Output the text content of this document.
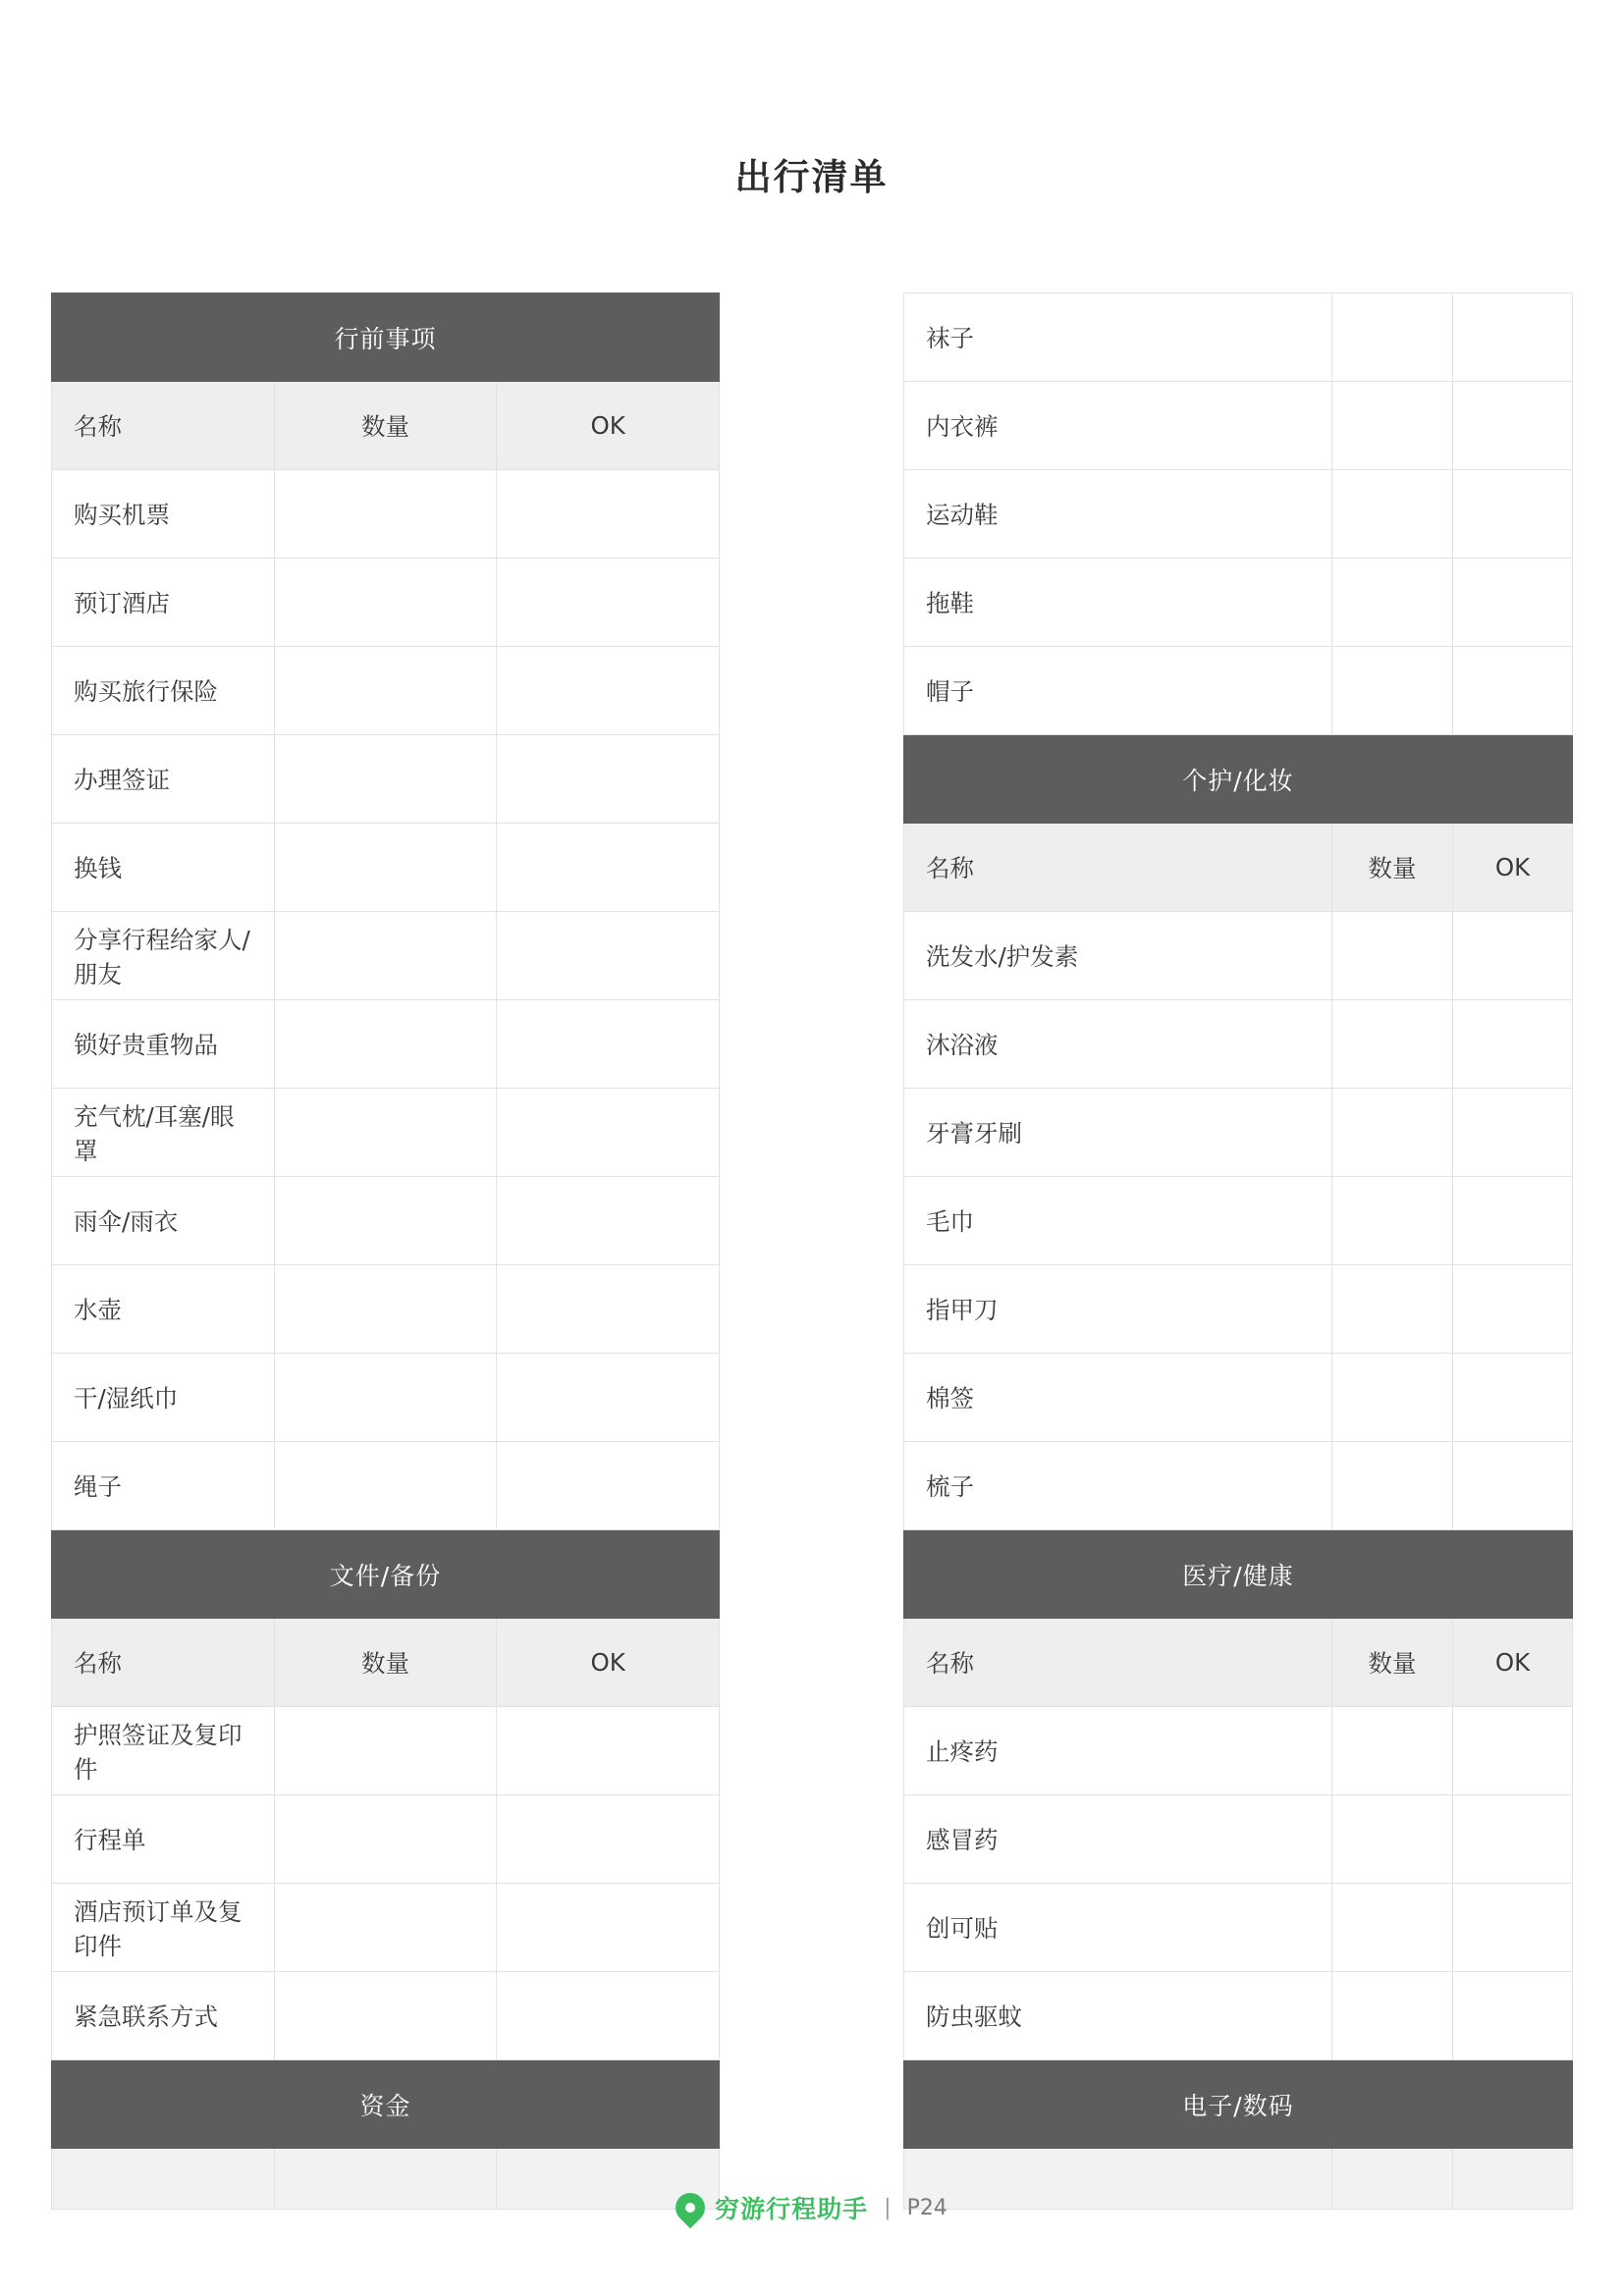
出行清单
行前事项		
名称	数量	OK
购买机票		
预订酒店		
购买旅行保险		
办理签证		
换钱		
分享行程给家人/朋友		
锁好贵重物品		
充气枕/耳塞/眼罩		
雨伞/雨衣		
水壶		
干/湿纸巾		
绳子		
文件/备份		
名称	数量	OK
护照签证及复印件		
行程单		
酒店预订单及复印件		
紧急联系方式		
资金		

袜子		
内衣裤		
运动鞋		
拖鞋		
帽子		
个护/化妆		
名称	数量	OK
洗发水/护发素		
沐浴液		
牙膏牙刷		
毛巾		
指甲刀		
棉签		
梳子		
医疗/健康		
名称	数量	OK
止疼药		
感冒药		
创可贴		
防虫驱蚊		
电子/数码		

穷游行程助手 | P24
